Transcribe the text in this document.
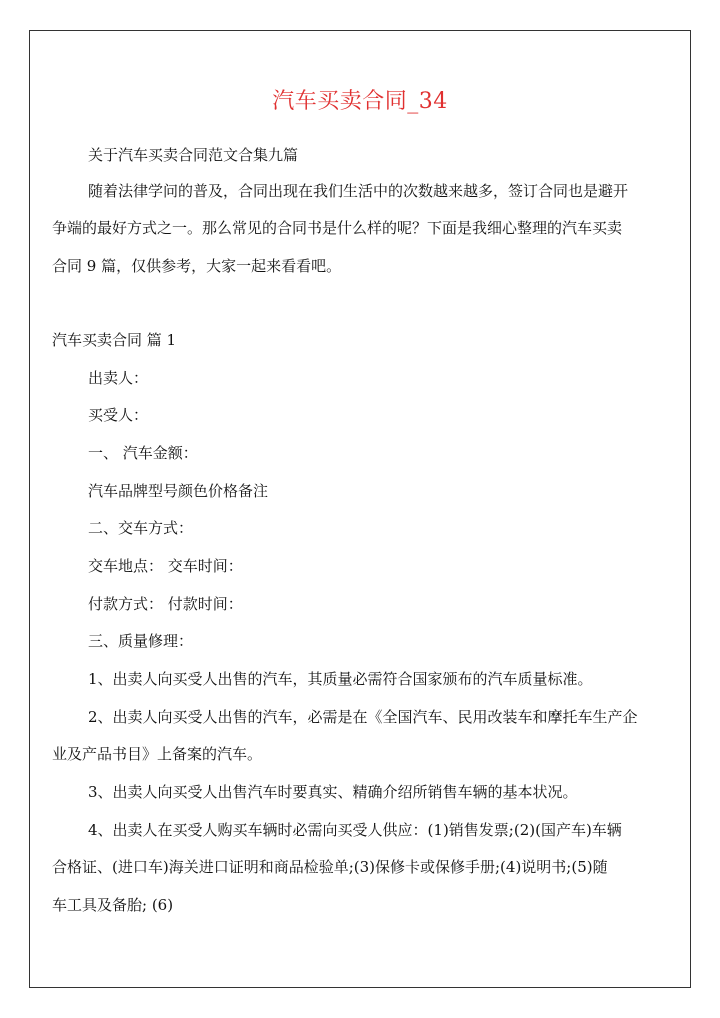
汽车买卖合同_34
关于汽车买卖合同范文合集九篇
随着法律学问的普及，合同出现在我们生活中的次数越来越多，签订合同也是避开
争端的最好方式之一。那么常见的合同书是什么样的呢？下面是我细心整理的汽车买卖
合同 9 篇，仅供参考，大家一起来看看吧。
汽车买卖合同 篇 1
出卖人：
买受人：
一、 汽车金额：
汽车品牌型号颜色价格备注
二、交车方式：
交车地点： 交车时间：
付款方式： 付款时间：
三、质量修理：
1、出卖人向买受人出售的汽车，其质量必需符合国家颁布的汽车质量标准。
2、出卖人向买受人出售的汽车，必需是在《全国汽车、民用改装车和摩托车生产企
业及产品书目》上备案的汽车。
3、出卖人向买受人出售汽车时要真实、精确介绍所销售车辆的基本状况。
4、出卖人在买受人购买车辆时必需向买受人供应：(1)销售发票;(2)(国产车)车辆
合格证、(进口车)海关进口证明和商品检验单;(3)保修卡或保修手册;(4)说明书;(5)随
车工具及备胎; (6)
